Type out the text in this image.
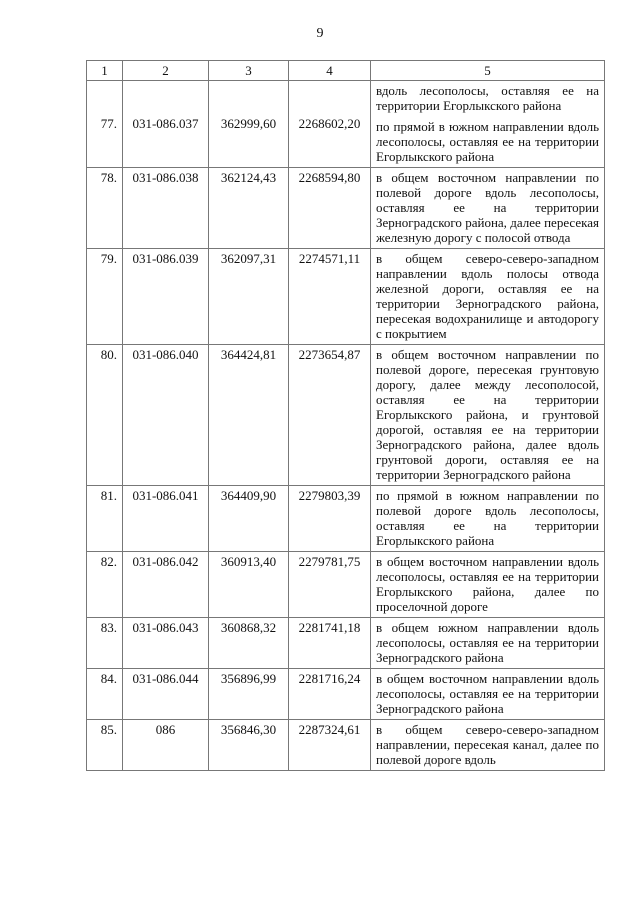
9
1	2	3	4	5
77.	031-086.037	362999,60	2268602,20	вдоль лесополосы, оставляя ее на территории Егорлыкского района
по прямой в южном направлении вдоль лесополосы, оставляя ее на территории Егорлыкского района

78.	031-086.038	362124,43	2268594,80	в общем восточном направлении по полевой дороге вдоль лесополосы, оставляя ее на территории Зерноградского района, далее пересекая железную дорогу с полосой отвода

79.	031-086.039	362097,31	2274571,11	в общем северо-северо-западном направлении вдоль полосы отвода железной дороги, оставляя ее на территории Зерноградского района, пересекая водохранилище и автодорогу с покрытием

80.	031-086.040	364424,81	2273654,87	в общем восточном направлении по полевой дороге, пересекая грунтовую дорогу, далее между лесополосой, оставляя ее на территории Егорлыкского района, и грунтовой дорогой, оставляя ее на территории Зерноградского района, далее вдоль грунтовой дороги, оставляя ее на территории Зерноградского района

81.	031-086.041	364409,90	2279803,39	по прямой в южном направлении по полевой дороге вдоль лесополосы, оставляя ее на территории Егорлыкского района

82.	031-086.042	360913,40	2279781,75	в общем восточном направлении вдоль лесополосы, оставляя ее на территории Егорлыкского района, далее по проселочной дороге

83.	031-086.043	360868,32	2281741,18	в общем южном направлении вдоль лесополосы, оставляя ее на территории Зерноградского района

84.	031-086.044	356896,99	2281716,24	в общем восточном направлении вдоль лесополосы, оставляя ее на территории Зерноградского района

85.	086	356846,30	2287324,61	в общем северо-северо-западном направлении, пересекая канал, далее по полевой дороге вдоль
